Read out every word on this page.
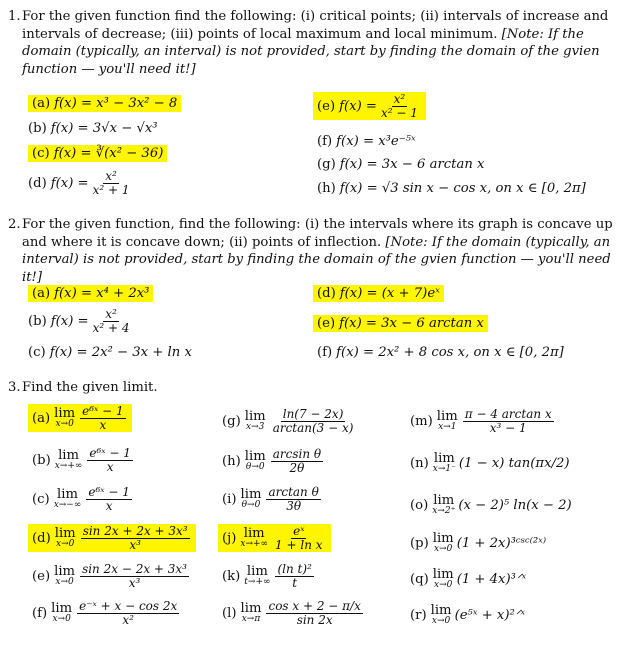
1. For the given function find the following: (i) critical points; (ii) intervals of increase and intervals of decrease; (iii) points of local maximum and local minimum. [Note: If the domain (typically, an interval) is not provided, start by finding the domain of the gvien function — you'll need it!]

(a) f(x) = x³ − 3x² − 8
(b) f(x) = 3√x − √x³
(c) f(x) = ∛(x² − 36)
(d) $f(x) = \frac{\text{x²}}{\text{x² + 1}}$
(e) $f(x) = \frac{\text{x²}}{\text{x² − 1}}$
(f) f(x) = x³e⁻⁵ˣ
(g) f(x) = 3x − 6 arctan x
(h) f(x) = √3 sin x − cos x, on x ∈ [0, 2π]
2. For the given function, find the following: (i) the intervals where its graph is concave up and where it is concave down; (ii) points of inflection. [Note: If the domain (typically, an interval) is not provided, start by finding the domain of the gvien function — you'll need it!]

(a) f(x) = x⁴ + 2x³
(b) $f(x) = \frac{\text{x²}}{\text{x² + 4}}$
(c) f(x) = 2x² − 3x + ln x
(d) f(x) = (x + 7)eˣ
(e) f(x) = 3x − 6 arctan x
(f) f(x) = 2x² + 8 cos x, on x ∈ [0, 2π]
3. Find the given limit.

(a) lim
$x\to 0 \frac{\text{e⁶ˣ − 1}}{x}$
(b) lim
$x\to+\infty \frac{\text{e⁶ˣ − 1}}{x}$
(c) lim
$x\to-\infty \frac{\text{e⁶ˣ − 1}}{x}$
(d) lim
$x\to 0 \frac{\text{sin 2x + 2x + 3x³}}{\text{x³}}$
(e) lim
$x\to 0 \frac{\text{sin 2x − 2x + 3x³}}{\text{x³}}$
(f) lim
$x\to 0 \frac{\text{e⁻ˣ + x − cos 2x}}{\text{x²}}$
(g) lim
$x\to 3 \frac{\ln(7 - 2x)}{\arctan(3 - x)}$
(h) lim
$\theta\to 0 \frac{\text{arcsin θ}}{2\theta}$
(i) lim
$\theta\to 0 \frac{\text{arctan θ}}{3\theta}$
(j) lim
$x\to+\infty \frac{\text{eˣ}}{\text{1 + ln x}}$
(k) lim
$t\to+\infty \frac{\text{(ln t)²}}{t}$
(l) lim
$x\to\pi \frac{\text{cos x + 2 − π/x}}{\sin 2x}$
(m) lim
$x\to 1 \frac{\text{π − 4 arctan x}}{\text{x³ − 1}}$
(n) lim
x→1⁻ (1 − x) tan(πx/2)
(o) lim
x→2⁺ (x − 2)⁵ ln(x − 2)
(p) lim
x→0 (1 + 2x)³ᶜˢᶜ⁽²ˣ⁾
(q) lim
x→0 (1 + 4x)³ᐟˣ
(r) lim
x→0 (e⁵ˣ + x)²ᐟˣ
